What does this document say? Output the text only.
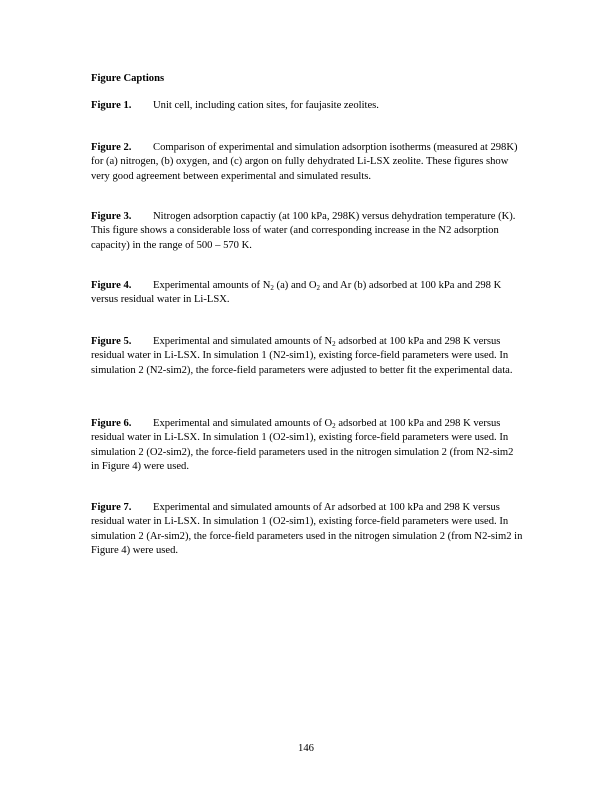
Figure Captions
Figure 1. Unit cell, including cation sites, for faujasite zeolites.
Figure 2. Comparison of experimental and simulation adsorption isotherms (measured at 298K) for (a) nitrogen, (b) oxygen, and (c) argon on fully dehydrated Li-LSX zeolite. These figures show very good agreement between experimental and simulated results.
Figure 3. Nitrogen adsorption capactiy (at 100 kPa, 298K) versus dehydration temperature (K). This figure shows a considerable loss of water (and corresponding increase in the N2 adsorption capacity) in the range of 500 – 570 K.
Figure 4. Experimental amounts of $N_2$ (a) and $O_2$ and Ar (b) adsorbed at 100 kPa and 298 K versus residual water in Li-LSX.
Figure 5. Experimental and simulated amounts of $N_2$ adsorbed at 100 kPa and 298 K versus residual water in Li-LSX. In simulation 1 (N2-sim1), existing force-field parameters were used. In simulation 2 (N2-sim2), the force-field parameters were adjusted to better fit the experimental data.
Figure 6. Experimental and simulated amounts of $O_2$ adsorbed at 100 kPa and 298 K versus residual water in Li-LSX. In simulation 1 (O2-sim1), existing force-field parameters were used. In simulation 2 (O2-sim2), the force-field parameters used in the nitrogen simulation 2 (from N2-sim2 in Figure 4) were used.
Figure 7. Experimental and simulated amounts of Ar adsorbed at 100 kPa and 298 K versus residual water in Li-LSX. In simulation 1 (O2-sim1), existing force-field parameters were used. In simulation 2 (Ar-sim2), the force-field parameters used in the nitrogen simulation 2 (from N2-sim2 in Figure 4) were used.
146
